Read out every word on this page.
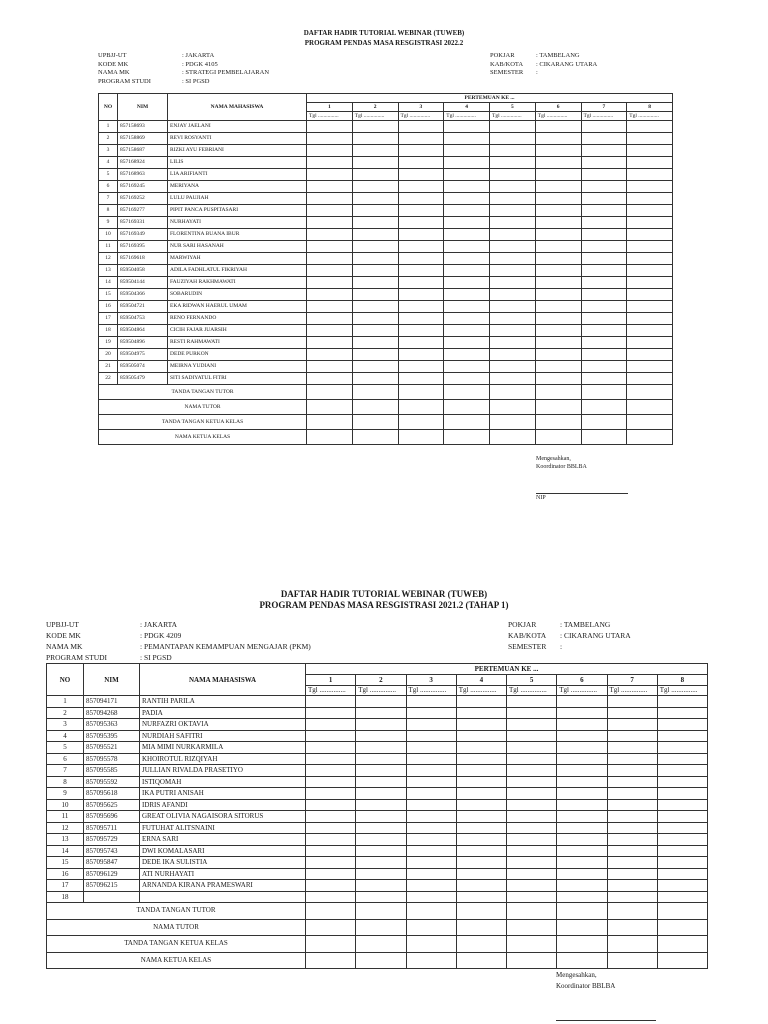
DAFTAR HADIR TUTORIAL WEBINAR (TUWEB)
PROGRAM PENDAS MASA RESGISTRASI 2022.2
UPBJJ-UT	: JAKARTA
KODE MK	: PDGK 4105
NAMA MK	: STRATEGI PEMBELAJARAN
PROGRAM STUDI	: SI PGSD
POKJAR	: TAMBELANG
KAB/KOTA : CIKARANG UTARA
SEMESTER :
NO	NIM	NAMA MAHASISWA	PERTEMUAN KE ...							
			1	2	3	4	5	6	7	8
			Tgl ...............	Tgl ...............	Tgl ...............	Tgl ...............	Tgl ...............	Tgl ...............	Tgl ...............	Tgl ...............
1	857158693	ENJAY JAELANI								
2	857158869	REVI ROSYANTI								
3	857158687	RIZKI AYU FEBRIANI								
4	857168924	LILIS								
5	857168963	LIA ARIFIANTI								
6	857169245	MERIYANA								
7	857169252	LULU PAUJIAH								
8	857169277	PIPIT PANCA PUSPITASARI								
9	857169331	NURHAYATI								
10	857169349	FLORENTINA BUANA IBUR								
11	857169395	NUR SARI HASANAH								
12	857169618	MARWIYAH								
13	859504058	ADILA FADHLATUL FIKRIYAH								
14	859504144	FAUZIYAH RAKHMAWATI								
15	859504366	SOBARUDIN								
16	859504721	EKA RIDWAN HAERUL UMAM								
17	859504753	RENO FERNANDO								
18	859504864	CICIH FAJAR JUARSIH								
19	859504896	RESTI RAHMAWATI								
20	859504975	DEDE PURKON								
21	859505074	MEIRNA YUDIANI								
22	859505479	SITI SADIYATUL FITRI								
TANDA TANGAN TUTOR										
NAMA TUTOR										
TANDA TANGAN KETUA KELAS										
NAMA KETUA KELAS										
Mengesahkan,
Koordinator BBLBA
NIP
DAFTAR HADIR TUTORIAL WEBINAR (TUWEB)
PROGRAM PENDAS MASA RESGISTRASI 2021.2 (TAHAP 1)
UPBJJ-UT	: JAKARTA
KODE MK	: PDGK 4209
NAMA MK	: PEMANTAPAN KEMAMPUAN MENGAJAR (PKM)
PROGRAM STUDI	: SI PGSD
POKJAR	: TAMBELANG
KAB/KOTA : CIKARANG UTARA
SEMESTER :
NO	NIM	NAMA MAHASISWA	PERTEMUAN KE ...							
			1	2	3	4	5	6	7	8
			Tgl ...............	Tgl ...............	Tgl ...............	Tgl ...............	Tgl ...............	Tgl ...............	Tgl ...............	Tgl ...............
1	857094171	RANTIH PARILA								
2	857094268	PADIA								
3	857095363	NURFAZRI OKTAVIA								
4	857095395	NURDIAH SAFITRI								
5	857095521	MIA MIMI NURKARMILA								
6	857095578	KHOIROTUL RIZQIYAH								
7	857095585	JULLIAN RIVALDA PRASETIYO								
8	857095592	ISTIQOMAH								
9	857095618	IKA PUTRI ANISAH								
10	857095625	IDRIS AFANDI								
11	857095696	GREAT OLIVIA NAGAISORA SITORUS								
12	857095711	FUTUHAT ALITSNAINI								
13	857095729	ERNA SARI								
14	857095743	DWI KOMALASARI								
15	857095847	DEDE IKA SULISTIA								
16	857096129	ATI NURHAYATI								
17	857096215	ARNANDA KIRANA PRAMESWARI								
18										
TANDA TANGAN TUTOR										
NAMA TUTOR										
TANDA TANGAN KETUA KELAS										
NAMA KETUA KELAS										
Mengesahkan,
Koordinator BBLBA
